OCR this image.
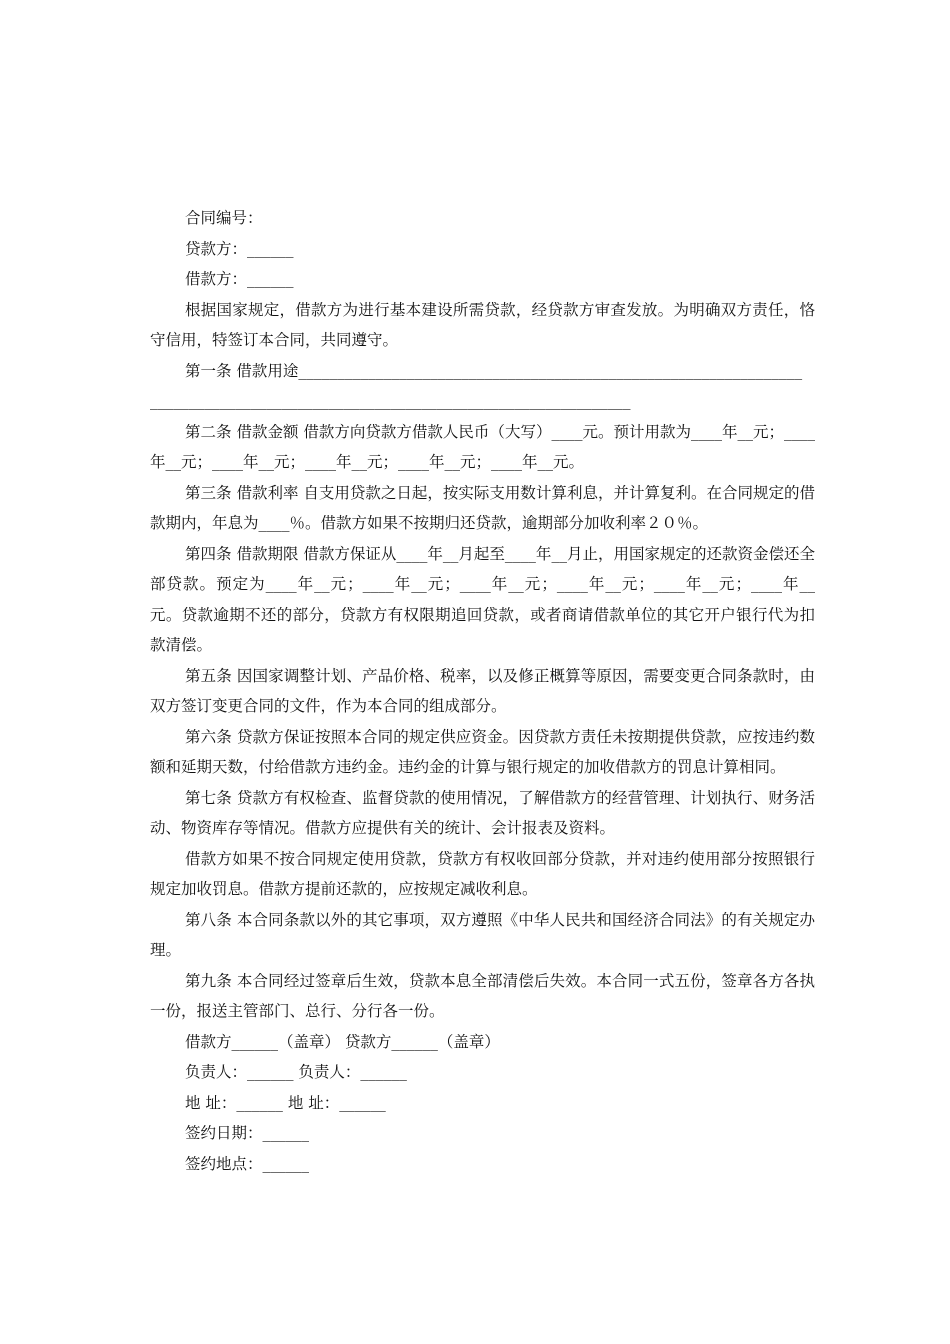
合同编号：
贷款方：______
借款方：______
根据国家规定，借款方为进行基本建设所需贷款，经贷款方审查发放。为明确双方责任，恪守信用，特签订本合同，共同遵守。
第一条 借款用途_________________________________________________________________
______________________________________________________________
第二条 借款金额 借款方向贷款方借款人民币（大写）____元。预计用款为____年__元；____年__元；____年__元；____年__元；____年__元；____年__元。
第三条 借款利率 自支用贷款之日起，按实际支用数计算利息，并计算复利。在合同规定的借款期内，年息为____％。借款方如果不按期归还贷款，逾期部分加收利率２０％。
第四条 借款期限 借款方保证从____年__月起至____年__月止，用国家规定的还款资金偿还全部贷款。预定为____年__元；____年__元；____年__元；____年__元；____年__元；____年__元。贷款逾期不还的部分，贷款方有权限期追回贷款，或者商请借款单位的其它开户银行代为扣款清偿。
第五条 因国家调整计划、产品价格、税率，以及修正概算等原因，需要变更合同条款时，由双方签订变更合同的文件，作为本合同的组成部分。
第六条 贷款方保证按照本合同的规定供应资金。因贷款方责任未按期提供贷款，应按违约数额和延期天数，付给借款方违约金。违约金的计算与银行规定的加收借款方的罚息计算相同。
第七条 贷款方有权检查、监督贷款的使用情况，了解借款方的经营管理、计划执行、财务活动、物资库存等情况。借款方应提供有关的统计、会计报表及资料。
借款方如果不按合同规定使用贷款，贷款方有权收回部分贷款，并对违约使用部分按照银行规定加收罚息。借款方提前还款的，应按规定减收利息。
第八条 本合同条款以外的其它事项，双方遵照《中华人民共和国经济合同法》的有关规定办理。
第九条 本合同经过签章后生效，贷款本息全部清偿后失效。本合同一式五份，签章各方各执一份，报送主管部门、总行、分行各一份。
借款方______（盖章） 贷款方______（盖章）
负责人：______ 负责人：______
地 址：______ 地 址：______
签约日期：______
签约地点：______
